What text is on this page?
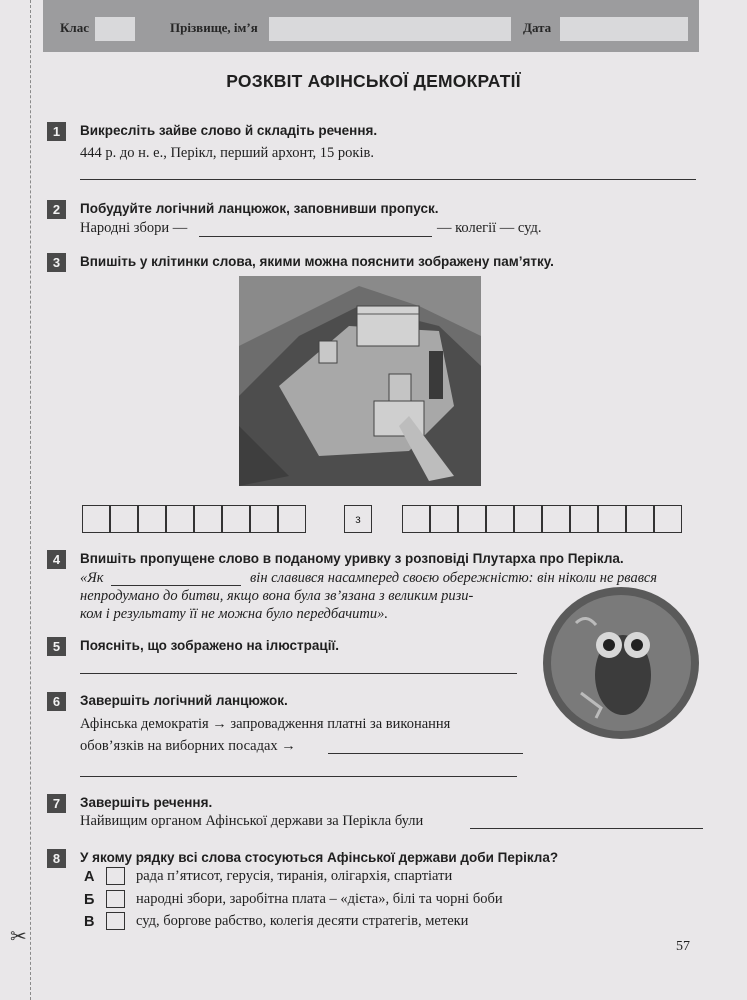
Клас	Прізвище, ім’я	Дата
✂
РОЗКВІТ АФІНСЬКОЇ ДЕМОКРАТІЇ
1	Викресліть зайве слово й складіть речення.
444 р. до н. е., Перікл, перший архонт, 15 років.
2	Побудуйте логічний ланцюжок, заповнивши пропуск.
Народні збори —	— колегії — суд.
3	Впишіть у клітинки слова, якими можна пояснити зображену пам’ятку.
з
4	Впишіть пропущене слово в поданому уривку з розповіді Плутарха про Перікла.
«Як	він славився насамперед своєю обережністю: він ніколи не рвався
непродумано до битви, якщо вона була зв’язана з великим ризи-
ком і результату її не можна було передбачити».
5	Поясніть, що зображено на ілюстрації.
6	Завершіть логічний ланцюжок.
Афінська демократія → запровадження платні за виконання
обов’язків на виборних посадах →
7	Завершіть речення.
Найвищим органом Афінської держави за Перікла були
8	У якому рядку всі слова стосуються Афінської держави доби Перікла?
А	рада п’ятисот, герусія, тиранія, олігархія, спартіати
Б	народні збори, заробітна плата – «дієта», білі та чорні боби
В	суд, боргове рабство, колегія десяти стратегів, метеки
57
